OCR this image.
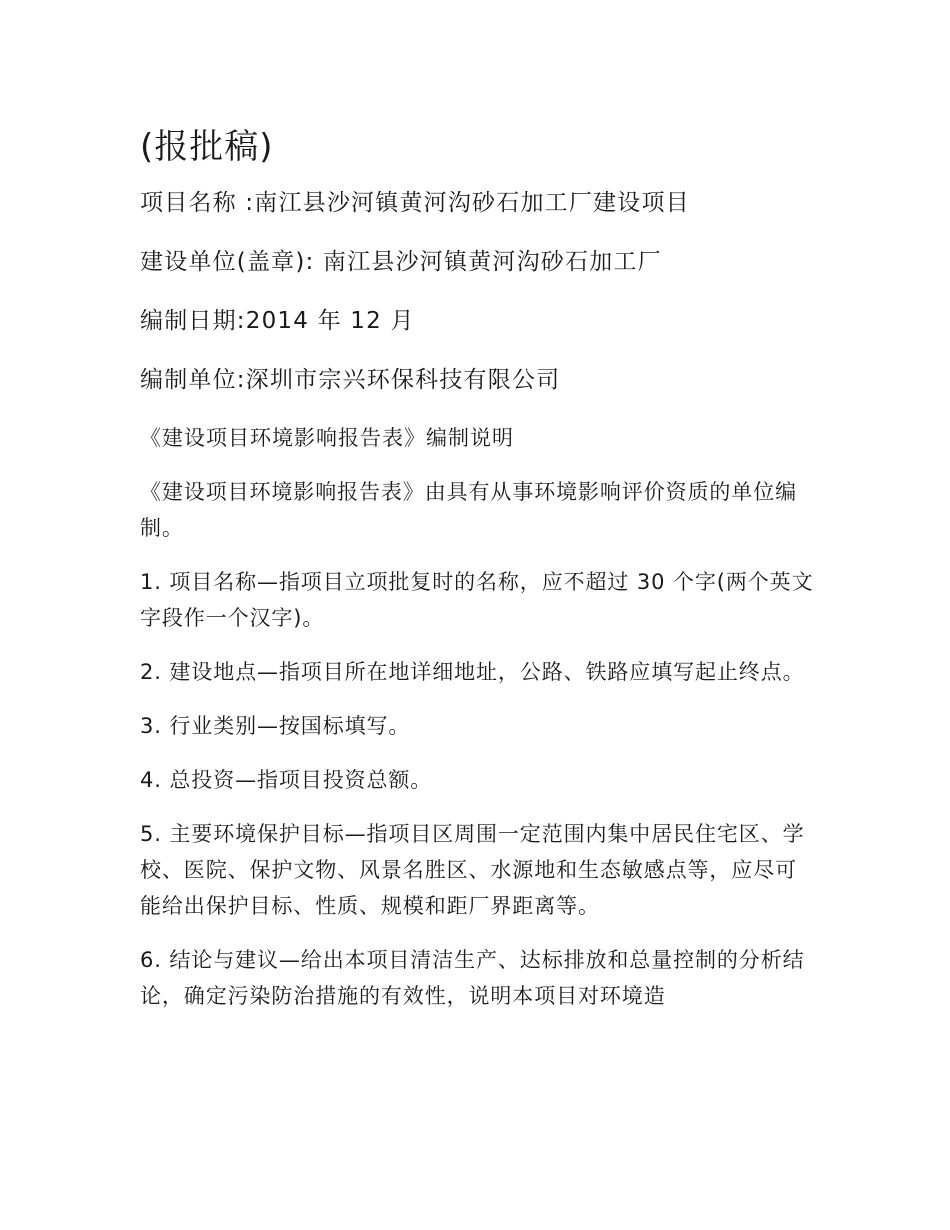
(报批稿)
项目名称 :南江县沙河镇黄河沟砂石加工厂建设项目
建设单位(盖章): 南江县沙河镇黄河沟砂石加工厂
编制日期:2014 年 12 月
编制单位:深圳市宗兴环保科技有限公司
《建设项目环境影响报告表》编制说明

《建设项目环境影响报告表》由具有从事环境影响评价资质的单位编制。

1. 项目名称—指项目立项批复时的名称，应不超过 30 个字(两个英文字段作一个汉字)。

2. 建设地点—指项目所在地详细地址，公路、铁路应填写起止终点。

3. 行业类别—按国标填写。

4. 总投资—指项目投资总额。

5. 主要环境保护目标—指项目区周围一定范围内集中居民住宅区、学校、医院、保护文物、风景名胜区、水源地和生态敏感点等，应尽可能给出保护目标、性质、规模和距厂界距离等。

6. 结论与建议—给出本项目清洁生产、达标排放和总量控制的分析结论，确定污染防治措施的有效性，说明本项目对环境造
